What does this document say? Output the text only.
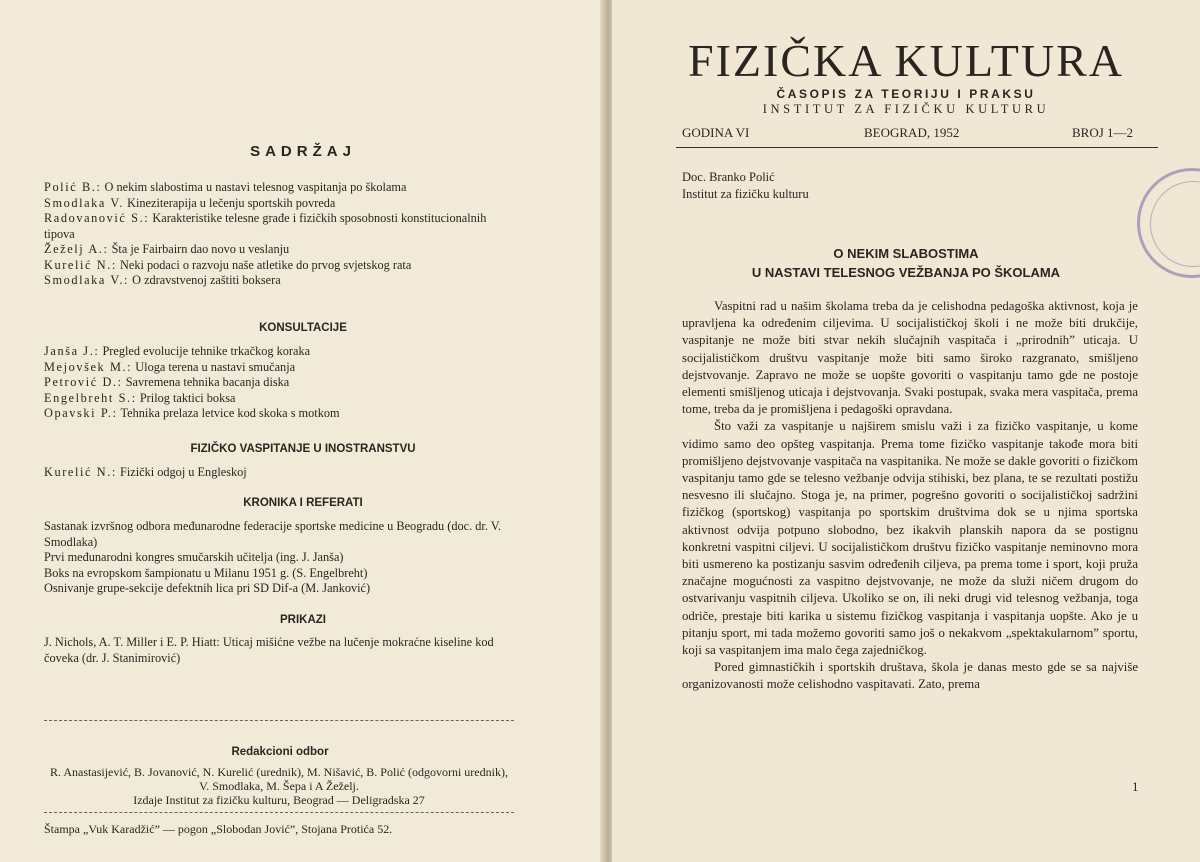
SADRŽAJ

Polić B.: O nekim slabostima u nastavi telesnog vaspitanja po školama

Smodlaka V. Kineziterapija u lečenju sportskih povreda

Radovanović S.: Karakteristike telesne građe i fizičkih sposobnosti konstitucionalnih tipova

Žeželj A.: Šta je Fairbairn dao novo u veslanju

Kurelić N.: Neki podaci o razvoju naše atletike do prvog svjetskog rata

Smodlaka V.: O zdravstvenoj zaštiti boksera

KONSULTACIJE

Janša J.: Pregled evolucije tehnike trkačkog koraka

Mejovšek M.: Uloga terena u nastavi smučanja

Petrović D.: Savremena tehnika bacanja diska

Engelbreht S.: Prilog taktici boksa

Opavski P.: Tehnika prelaza letvice kod skoka s motkom

FIZIČKO VASPITANJE U INOSTRANSTVU

Kurelić N.: Fizički odgoj u Engleskoj

KRONIKA I REFERATI

Sastanak izvršnog odbora međunarodne federacije sportske medicine u Beogradu (doc. dr. V. Smodlaka)

Prvi međunarodni kongres smučarskih učitelja (ing. J. Janša)

Boks na evropskom šampionatu u Milanu 1951 g. (S. Engelbreht)

Osnivanje grupe-sekcije defektnih lica pri SD Dif-a (M. Janković)

PRIKAZI

J. Nichols, A. T. Miller i E. P. Hiatt: Uticaj mišićne vežbe na lučenje mokraćne kiseline kod čoveka (dr. J. Stanimirović)

Redakcioni odbor
R. Anastasijević, B. Jovanović, N. Kurelić (urednik), M. Nišavić, B. Polić (odgovorni urednik), V. Smodlaka, M. Šepa i A Žeželj.
Izdaje Institut za fizičku kulturu, Beograd — Deligradska 27
Štampa „Vuk Karadžić” — pogon „Slobodan Jović”, Stojana Protića 52.
FIZIČKA KULTURA
ČASOPIS ZA TEORIJU I PRAKSU
INSTITUT ZA FIZIČKU KULTURU
GODINA VI	BEOGRAD, 1952	BROJ 1—2
Doc. Branko Polić
Institut za fizičku kulturu
O NEKIM SLABOSTIMA
U NASTAVI TELESNOG VEŽBANJA PO ŠKOLAMA

Vaspitni rad u našim školama treba da je celishodna pedagoška aktivnost, koja je upravljena ka određenim ciljevima. U socijalističkoj školi i ne može biti drukčije, vaspitanje ne može biti stvar nekih slučajnih vaspitača i „prirodnih” uticaja. U socijalističkom društvu vaspitanje može biti samo široko razgranato, smišljeno dejstvovanje. Zapravo ne može se uopšte govoriti o vaspitanju tamo gde ne postoje elementi smišljenog uticaja i dejstvovanja. Svaki postupak, svaka mera vaspitača, prema tome, treba da je promišljena i pedagoški opravdana.

Što važi za vaspitanje u najširem smislu važi i za fizičko vaspitanje, u kome vidimo samo deo opšteg vaspitanja. Prema tome fizičko vaspitanje takođe mora biti promišljeno dejstvovanje vaspitača na vaspitanika. Ne može se dakle govoriti o fizičkom vaspitanju tamo gde se telesno vežbanje odvija stihiski, bez plana, te se rezultati postižu nesvesno ili slučajno. Stoga je, na primer, pogrešno govoriti o socijalističkoj sadržini fizičkog (sportskog) vaspitanja po sportskim društvima dok se u njima sportska aktivnost odvija potpuno slobodno, bez ikakvih planskih napora da se postignu konkretni vaspitni ciljevi. U socijalističkom društvu fizičko vaspitanje neminovno mora biti usmereno ka postizanju sasvim određenih ciljeva, pa prema tome i sport, koji pruža značajne mogućnosti za vaspitno dejstvovanje, ne može da služi ničem drugom do ostvarivanju vaspitnih ciljeva. Ukoliko se on, ili neki drugi vid telesnog vežbanja, toga odriče, prestaje biti karika u sistemu fizičkog vaspitanja i vaspitanja uopšte. Ako je u pitanju sport, mi tada možemo govoriti samo još o nekakvom „spektakularnom” sportu, koji sa vaspitanjem ima malo čega zajedničkog.

Pored gimnastičkih i sportskih društava, škola je danas mesto gde se sa najviše organizovanosti može celishodno vaspitavati. Zato, prema

1
